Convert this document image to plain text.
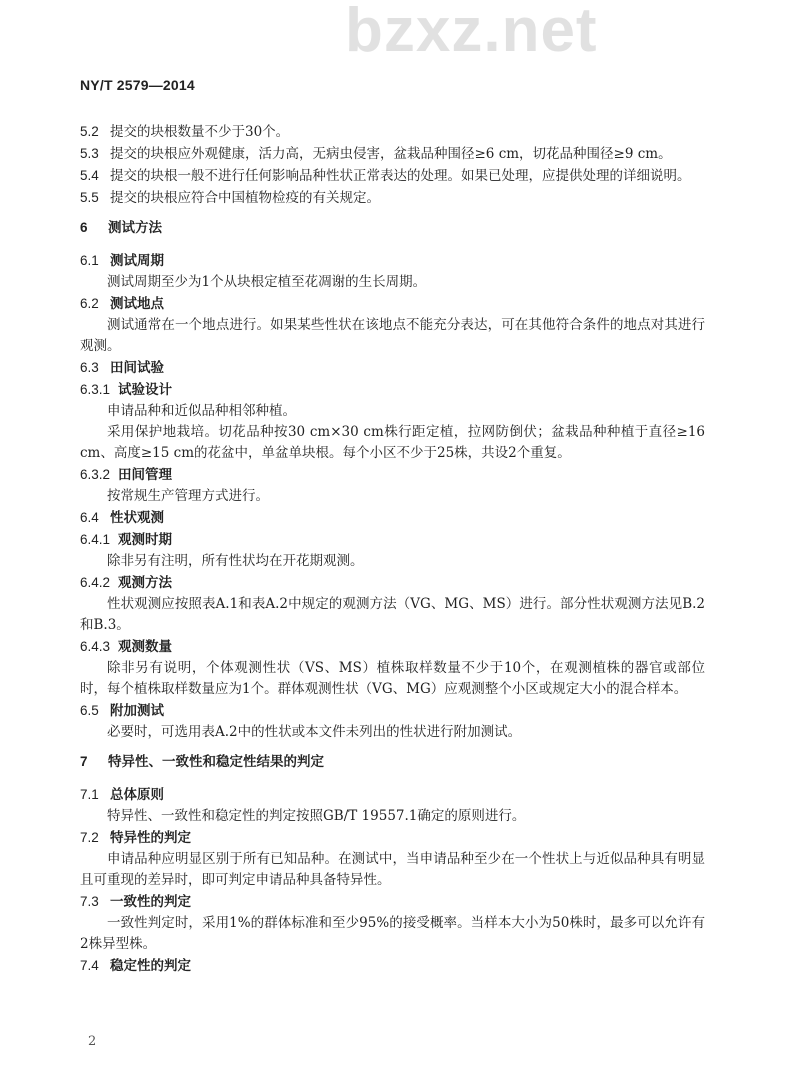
NY/T 2579—2014
bzxz.net
5.2 提交的块根数量不少于30个。
5.3 提交的块根应外观健康，活力高，无病虫侵害，盆栽品种围径≥6 cm，切花品种围径≥9 cm。
5.4 提交的块根一般不进行任何影响品种性状正常表达的处理。如果已处理，应提供处理的详细说明。
5.5 提交的块根应符合中国植物检疫的有关规定。
6 测试方法
6.1 测试周期
测试周期至少为1个从块根定植至花凋谢的生长周期。
6.2 测试地点
测试通常在一个地点进行。如果某些性状在该地点不能充分表达，可在其他符合条件的地点对其进行观测。
6.3 田间试验
6.3.1 试验设计
申请品种和近似品种相邻种植。
采用保护地栽培。切花品种按30 cm×30 cm株行距定植，拉网防倒伏；盆栽品种种植于直径≥16 cm、高度≥15 cm的花盆中，单盆单块根。每个小区不少于25株，共设2个重复。
6.3.2 田间管理
按常规生产管理方式进行。
6.4 性状观测
6.4.1 观测时期
除非另有注明，所有性状均在开花期观测。
6.4.2 观测方法
性状观测应按照表A.1和表A.2中规定的观测方法（VG、MG、MS）进行。部分性状观测方法见B.2和B.3。
6.4.3 观测数量
除非另有说明，个体观测性状（VS、MS）植株取样数量不少于10个，在观测植株的器官或部位时，每个植株取样数量应为1个。群体观测性状（VG、MG）应观测整个小区或规定大小的混合样本。
6.5 附加测试
必要时，可选用表A.2中的性状或本文件未列出的性状进行附加测试。
7 特异性、一致性和稳定性结果的判定
7.1 总体原则
特异性、一致性和稳定性的判定按照GB/T 19557.1确定的原则进行。
7.2 特异性的判定
申请品种应明显区别于所有已知品种。在测试中，当申请品种至少在一个性状上与近似品种具有明显且可重现的差异时，即可判定申请品种具备特异性。
7.3 一致性的判定
一致性判定时，采用1%的群体标准和至少95%的接受概率。当样本大小为50株时，最多可以允许有2株异型株。
7.4 稳定性的判定
2
